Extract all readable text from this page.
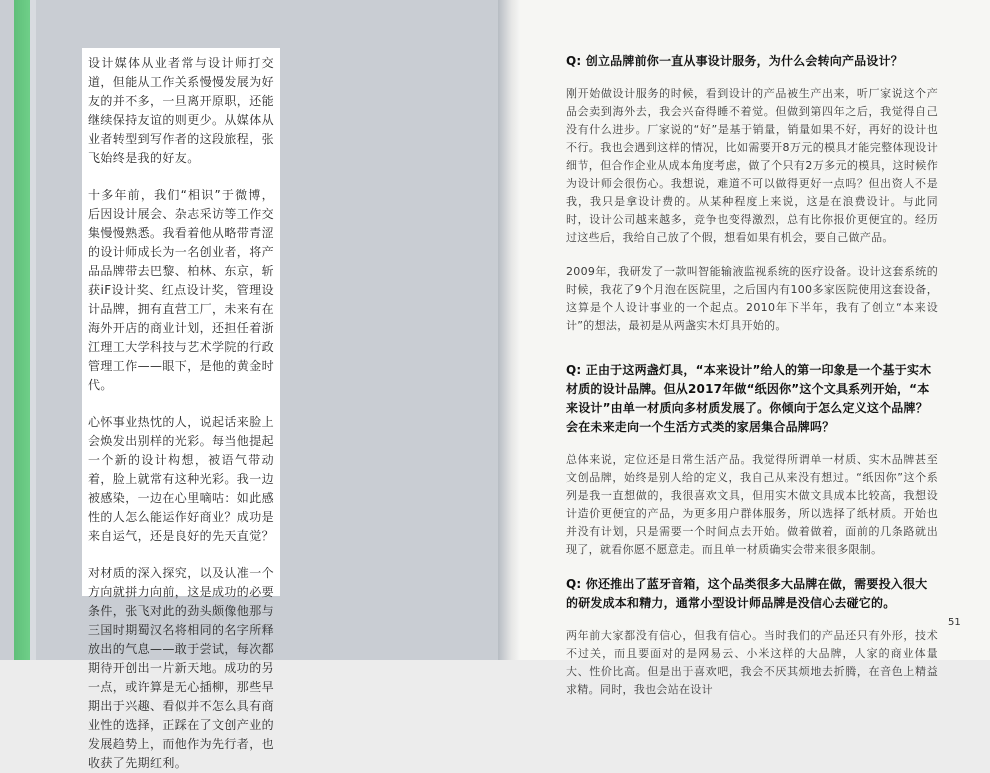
设计媒体从业者常与设计师打交道，但能从工作关系慢慢发展为好友的并不多，一旦离开原职，还能继续保持友谊的则更少。从媒体从业者转型到写作者的这段旅程，张飞始终是我的好友。

十多年前，我们“相识”于微博，后因设计展会、杂志采访等工作交集慢慢熟悉。我看着他从略带青涩的设计师成长为一名创业者，将产品品牌带去巴黎、柏林、东京，斩获iF设计奖、红点设计奖，管理设计品牌，拥有直营工厂，未来有在海外开店的商业计划，还担任着浙江理工大学科技与艺术学院的行政管理工作——眼下，是他的黄金时代。

心怀事业热忱的人，说起话来脸上会焕发出别样的光彩。每当他提起一个新的设计构想，被语气带动着，脸上就常有这种光彩。我一边被感染，一边在心里嘀咕：如此感性的人怎么能运作好商业？成功是来自运气，还是良好的先天直觉？

对材质的深入探究，以及认准一个方向就拼力向前，这是成功的必要条件，张飞对此的劲头颇像他那与三国时期蜀汉名将相同的名字所释放出的气息——敢于尝试，每次都期待开创出一片新天地。成功的另一点，或许算是无心插柳，那些早期出于兴趣、看似并不怎么具有商业性的选择，正踩在了文创产业的发展趋势上，而他作为先行者，也收获了先期红利。

Q: 创立品牌前你一直从事设计服务，为什么会转向产品设计？

刚开始做设计服务的时候，看到设计的产品被生产出来，听厂家说这个产品会卖到海外去，我会兴奋得睡不着觉。但做到第四年之后，我觉得自己没有什么进步。厂家说的“好”是基于销量，销量如果不好，再好的设计也不行。我也会遇到这样的情况，比如需要开8万元的模具才能完整体现设计细节，但合作企业从成本角度考虑，做了个只有2万多元的模具，这时候作为设计师会很伤心。我想说，难道不可以做得更好一点吗？但出资人不是我，我只是拿设计费的。从某种程度上来说，这是在浪费设计。与此同时，设计公司越来越多，竞争也变得激烈，总有比你报价更便宜的。经历过这些后，我给自己放了个假，想看如果有机会，要自己做产品。

2009年，我研发了一款叫智能输液监视系统的医疗设备。设计这套系统的时候，我花了9个月泡在医院里，之后国内有100多家医院使用这套设备，这算是个人设计事业的一个起点。2010年下半年，我有了创立“本来设计”的想法，最初是从两盏实木灯具开始的。

Q: 正由于这两盏灯具，“本来设计”给人的第一印象是一个基于实木材质的设计品牌。但从2017年做“纸因你”这个文具系列开始，“本来设计”由单一材质向多材质发展了。你倾向于怎么定义这个品牌？会在未来走向一个生活方式类的家居集合品牌吗？

总体来说，定位还是日常生活产品。我觉得所谓单一材质、实木品牌甚至文创品牌，始终是别人给的定义，我自己从来没有想过。“纸因你”这个系列是我一直想做的，我很喜欢文具，但用实木做文具成本比较高，我想设计造价更便宜的产品，为更多用户群体服务，所以选择了纸材质。开始也并没有计划，只是需要一个时间点去开始。做着做着，面前的几条路就出现了，就看你愿不愿意走。而且单一材质确实会带来很多限制。

Q: 你还推出了蓝牙音箱，这个品类很多大品牌在做，需要投入很大的研发成本和精力，通常小型设计师品牌是没信心去碰它的。

两年前大家都没有信心，但我有信心。当时我们的产品还只有外形，技术不过关，而且要面对的是网易云、小米这样的大品牌，人家的商业体量大、性价比高。但是出于喜欢吧，我会不厌其烦地去折腾，在音色上精益求精。同时，我也会站在设计

51
